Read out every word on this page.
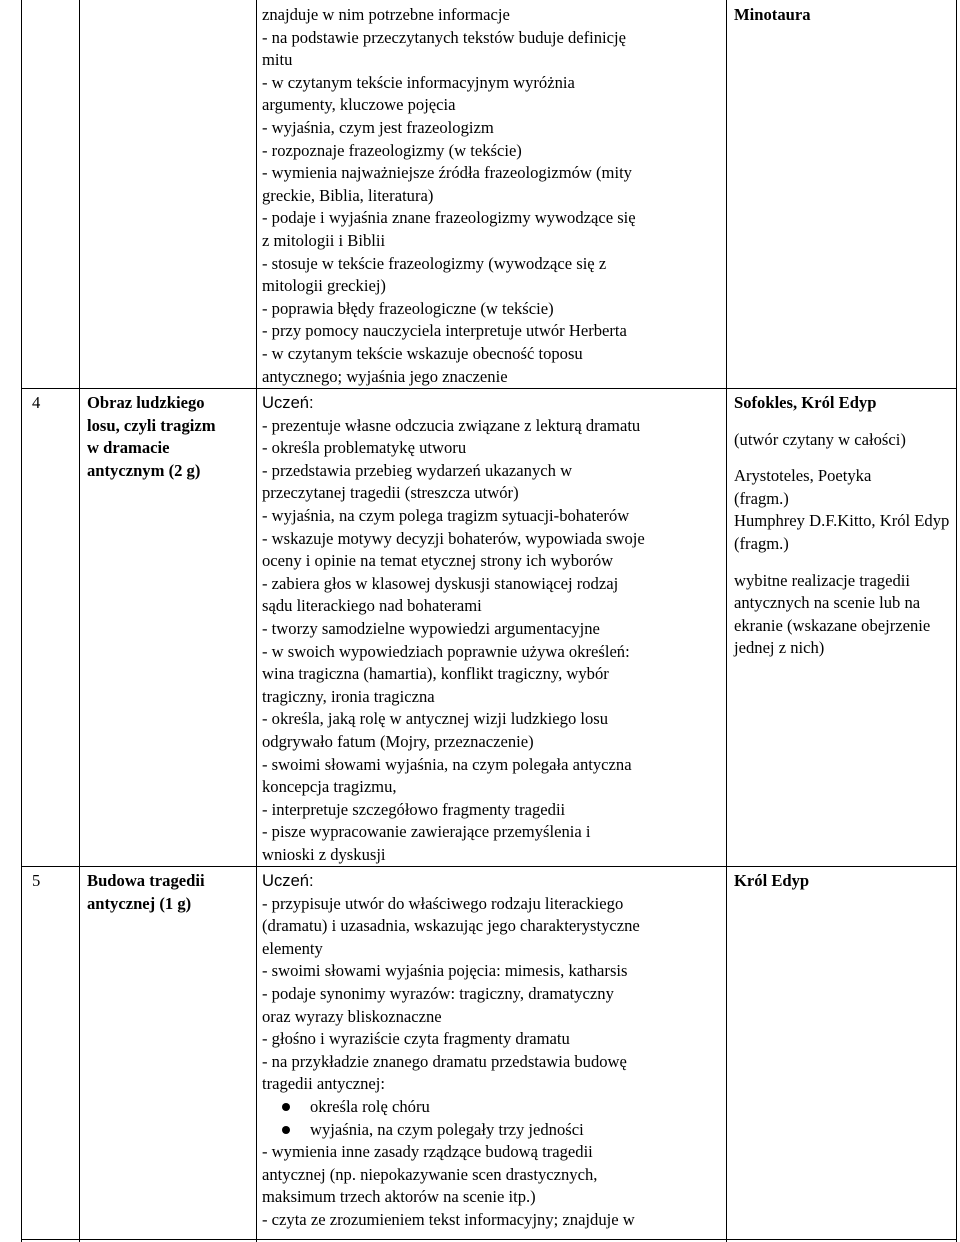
znajduje w nim potrzebne informacje
- na podstawie przeczytanych tekstów buduje definicję
mitu
- w czytanym tekście informacyjnym wyróżnia
argumenty, kluczowe pojęcia
- wyjaśnia, czym jest frazeologizm
- rozpoznaje frazeologizmy (w tekście)
- wymienia najważniejsze źródła frazeologizmów (mity
greckie, Biblia, literatura)
- podaje i wyjaśnia znane frazeologizmy wywodzące się
z mitologii i Biblii
- stosuje w tekście frazeologizmy (wywodzące się z
mitologii greckiej)
- poprawia błędy frazeologiczne (w tekście)
- przy pomocy nauczyciela interpretuje utwór Herberta
- w czytanym tekście wskazuje obecność toposu
antycznego; wyjaśnia jego znaczenie
Minotaura
4	Obraz ludzkiego
losu, czyli tragizm
w dramacie
antycznym (2 g)
Uczeń:
- prezentuje własne odczucia związane z lekturą dramatu
- określa problematykę utworu
- przedstawia przebieg wydarzeń ukazanych w
przeczytanej tragedii (streszcza utwór)
- wyjaśnia, na czym polega tragizm sytuacji-bohaterów
- wskazuje motywy decyzji bohaterów, wypowiada swoje
oceny i opinie na temat etycznej strony ich wyborów
- zabiera głos w klasowej dyskusji stanowiącej rodzaj
sądu literackiego nad bohaterami
- tworzy samodzielne wypowiedzi argumentacyjne
- w swoich wypowiedziach poprawnie używa określeń:
wina tragiczna (hamartia), konflikt tragiczny, wybór
tragiczny, ironia tragiczna
- określa, jaką rolę w antycznej wizji ludzkiego losu
odgrywało fatum (Mojry, przeznaczenie)
- swoimi słowami wyjaśnia, na czym polegała antyczna
koncepcja tragizmu,
- interpretuje szczegółowo fragmenty tragedii
- pisze wypracowanie zawierające przemyślenia i
wnioski z dyskusji
Sofokles, Król Edyp
(utwór czytany w całości)
Arystoteles, Poetyka (fragm.)
Humphrey D.F.Kitto, Król Edyp (fragm.)
wybitne realizacje tragedii antycznych na scenie lub na ekranie (wskazane obejrzenie jednej z nich)
5	Budowa tragedii
antycznej (1 g)
Uczeń:
- przypisuje utwór do właściwego rodzaju literackiego
(dramatu) i uzasadnia, wskazując jego charakterystyczne
elementy
- swoimi słowami wyjaśnia pojęcia: mimesis, katharsis
- podaje synonimy wyrazów: tragiczny, dramatyczny
oraz wyrazy bliskoznaczne
- głośno i wyraziście czyta fragmenty dramatu
- na przykładzie znanego dramatu przedstawia budowę
tragedii antycznej:
określa rolę chóru
wyjaśnia, na czym polegały trzy jedności
- wymienia inne zasady rządzące budową tragedii
antycznej (np. niepokazywanie scen drastycznych,
maksimum trzech aktorów na scenie itp.)
- czyta ze zrozumieniem tekst informacyjny; znajduje w
Król Edyp
